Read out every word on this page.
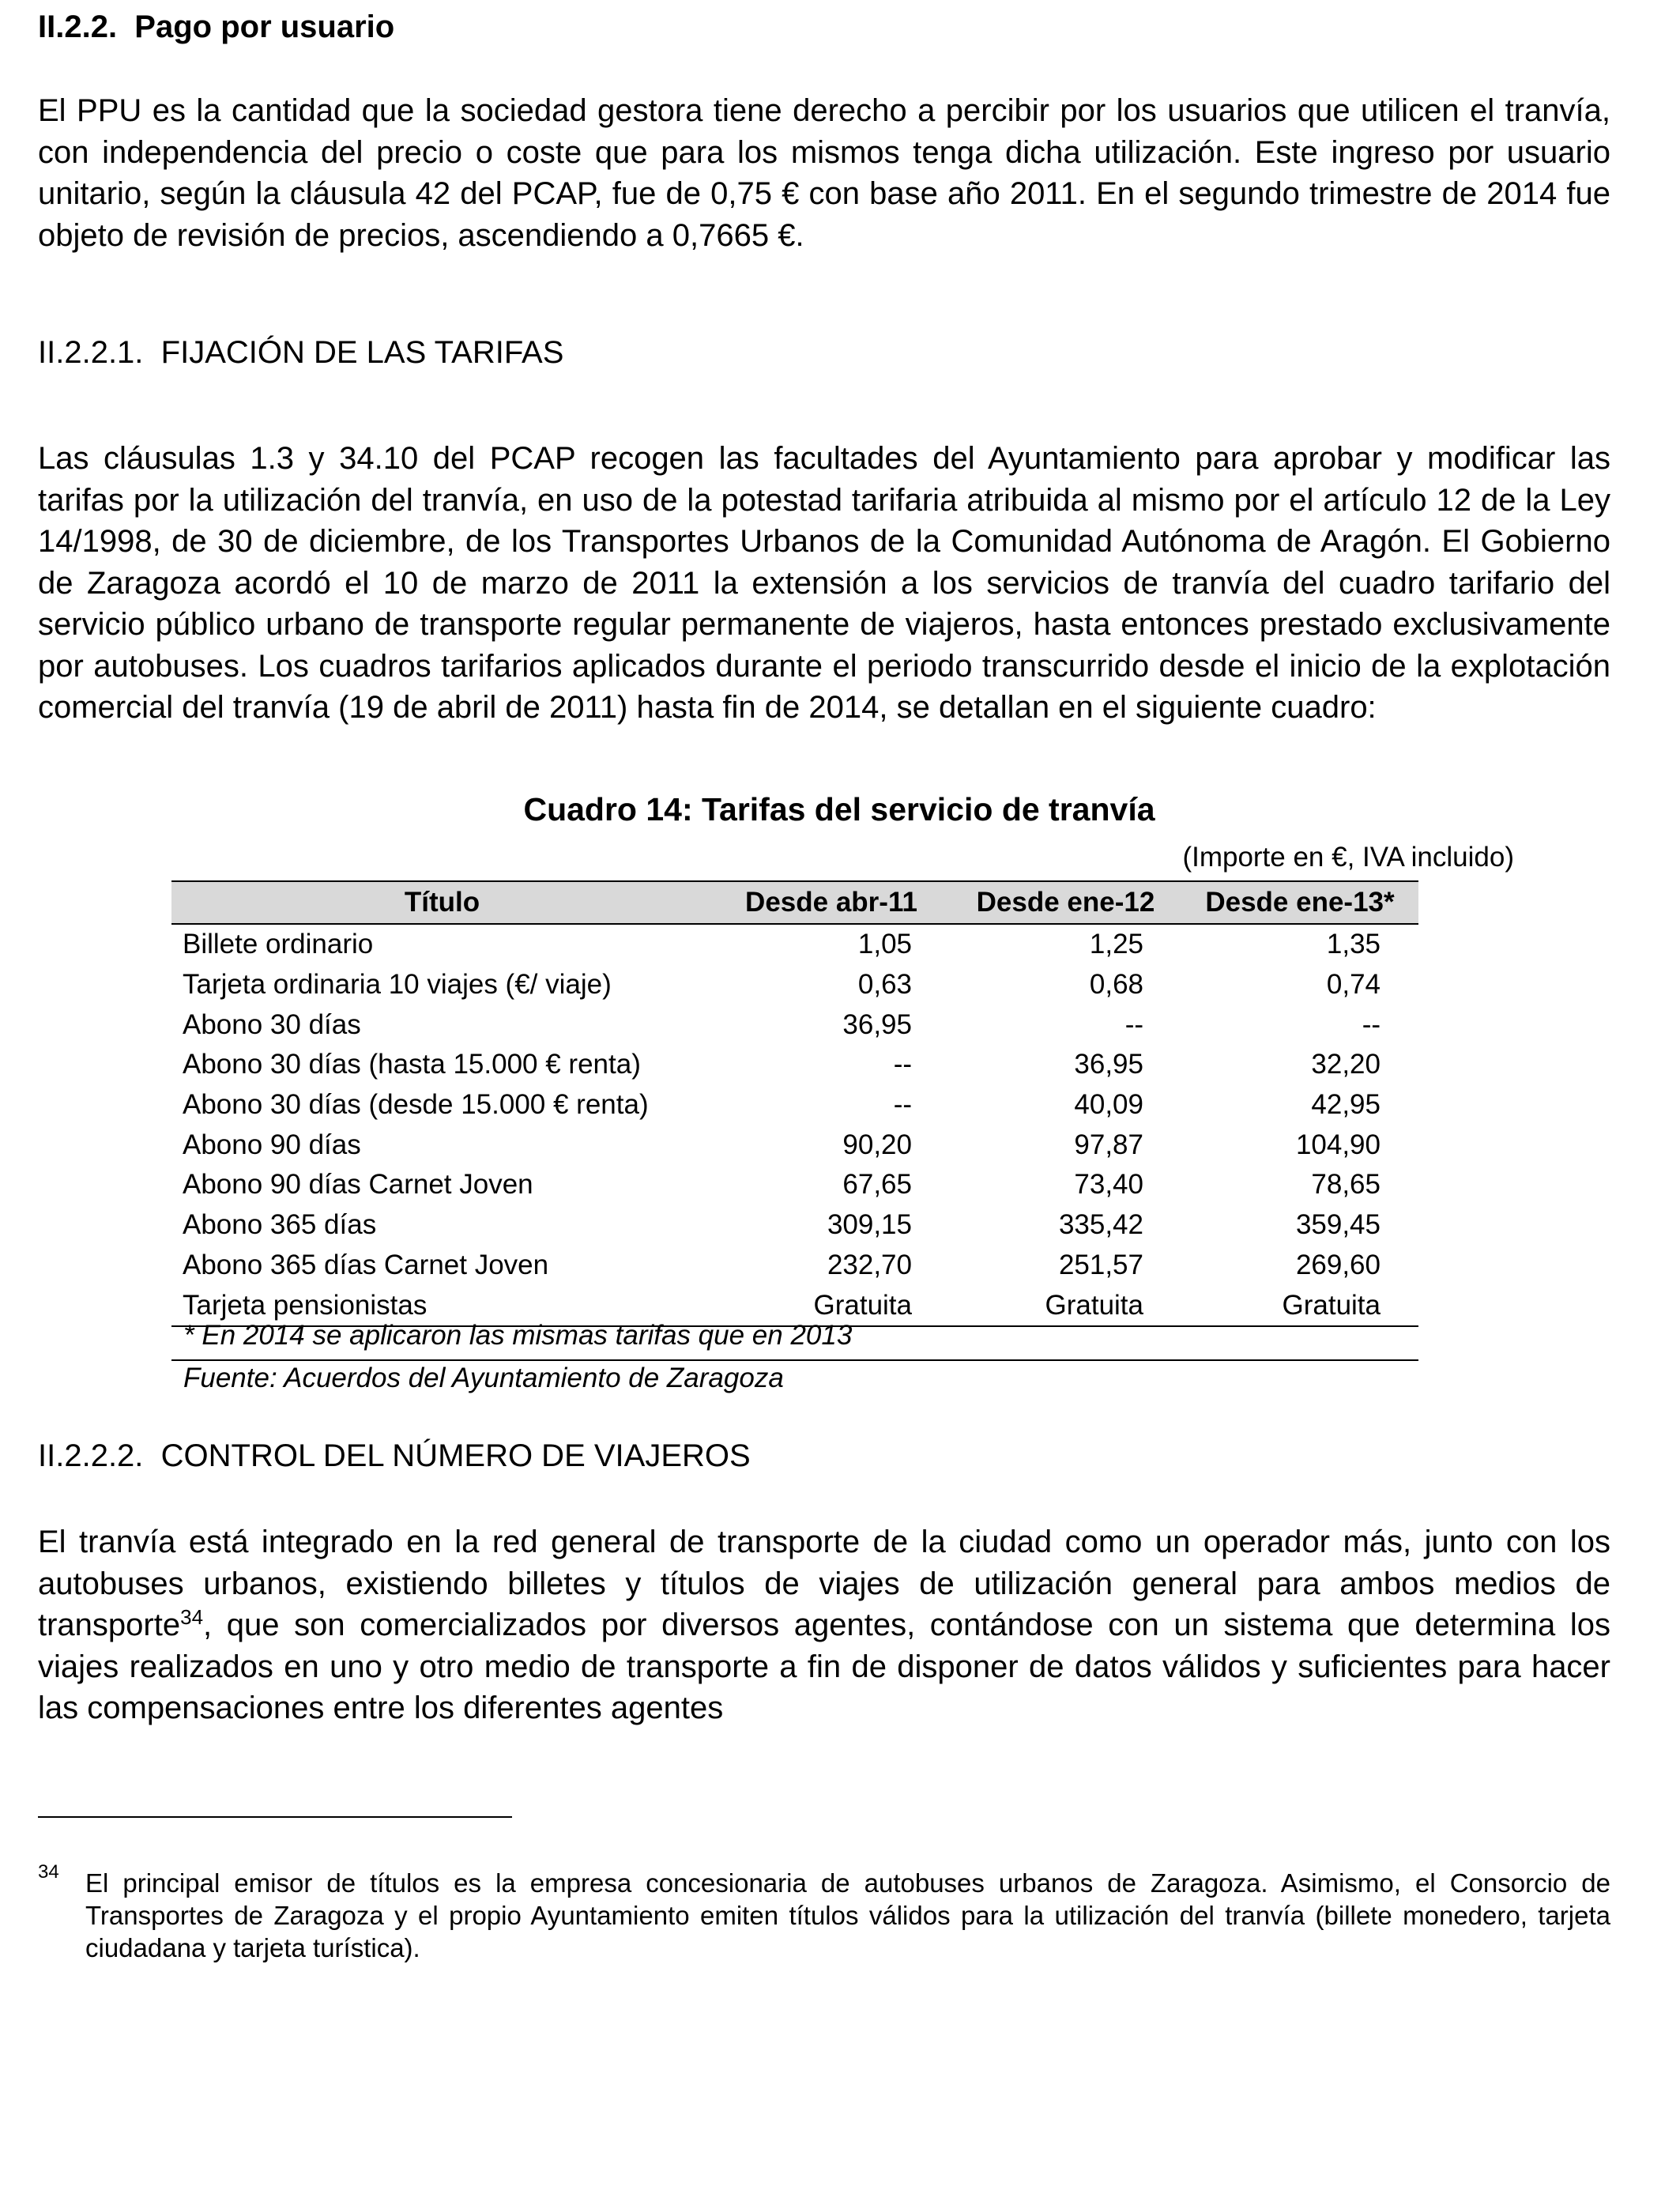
II.2.2. Pago por usuario
El PPU es la cantidad que la sociedad gestora tiene derecho a percibir por los usuarios que utilicen el tranvía, con independencia del precio o coste que para los mismos tenga dicha utilización. Este ingreso por usuario unitario, según la cláusula 42 del PCAP, fue de 0,75 € con base año 2011. En el segundo trimestre de 2014 fue objeto de revisión de precios, ascendiendo a 0,7665 €.
II.2.2.1. FIJACIÓN DE LAS TARIFAS
Las cláusulas 1.3 y 34.10 del PCAP recogen las facultades del Ayuntamiento para aprobar y modificar las tarifas por la utilización del tranvía, en uso de la potestad tarifaria atribuida al mismo por el artículo 12 de la Ley 14/1998, de 30 de diciembre, de los Transportes Urbanos de la Comunidad Autónoma de Aragón. El Gobierno de Zaragoza acordó el 10 de marzo de 2011 la extensión a los servicios de tranvía del cuadro tarifario del servicio público urbano de transporte regular permanente de viajeros, hasta entonces prestado exclusivamente por autobuses. Los cuadros tarifarios aplicados durante el periodo transcurrido desde el inicio de la explotación comercial del tranvía (19 de abril de 2011) hasta fin de 2014, se detallan en el siguiente cuadro:
II.2.2.2. CONTROL DEL NÚMERO DE VIAJEROS
El tranvía está integrado en la red general de transporte de la ciudad como un operador más, junto con los autobuses urbanos, existiendo billetes y títulos de viajes de utilización general para ambos medios de transporte$^{34}$, que son comercializados por diversos agentes, contándose con un sistema que determina los viajes realizados en uno y otro medio de transporte a fin de disponer de datos válidos y suficientes para hacer las compensaciones entre los diferentes agentes
34 El principal emisor de títulos es la empresa concesionaria de autobuses urbanos de Zaragoza. Asimismo, el Consorcio de Transportes de Zaragoza y el propio Ayuntamiento emiten títulos válidos para la utilización del tranvía (billete monedero, tarjeta ciudadana y tarjeta turística).
Cuadro 14: Tarifas del servicio de tranvía
(Importe en €, IVA incluido)
Título	Desde abr-11	Desde ene-12	Desde ene-13*
Billete ordinario	1,05	1,25	1,35
Tarjeta ordinaria 10 viajes (€/ viaje)	0,63	0,68	0,74
Abono 30 días	36,95	--	--
Abono 30 días (hasta 15.000 € renta)	--	36,95	32,20
Abono 30 días (desde 15.000 € renta)	--	40,09	42,95
Abono 90 días	90,20	97,87	104,90
Abono 90 días Carnet Joven	67,65	73,40	78,65
Abono 365 días	309,15	335,42	359,45
Abono 365 días Carnet Joven	232,70	251,57	269,60
Tarjeta pensionistas	Gratuita	Gratuita	Gratuita
* En 2014 se aplicaron las mismas tarifas que en 2013
Fuente: Acuerdos del Ayuntamiento de Zaragoza
